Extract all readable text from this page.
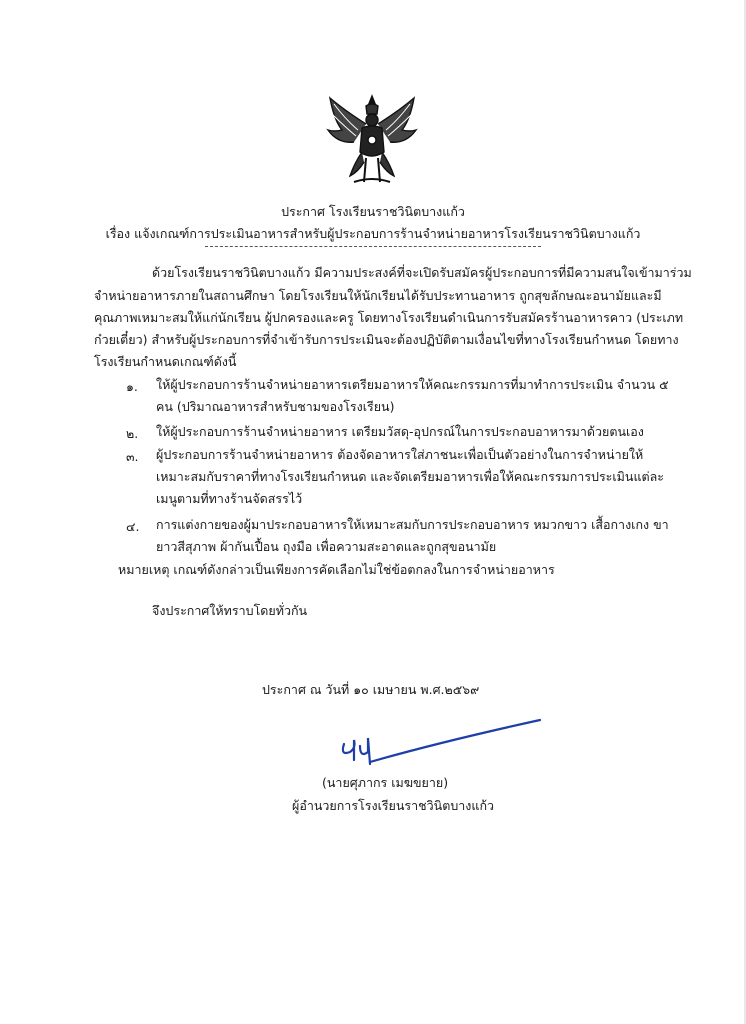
ประกาศ โรงเรียนราชวินิตบางแก้ว
เรื่อง แจ้งเกณฑ์การประเมินอาหารสำหรับผู้ประกอบการร้านจำหน่ายอาหารโรงเรียนราชวินิตบางแก้ว
ด้วยโรงเรียนราชวินิตบางแก้ว มีความประสงค์ที่จะเปิดรับสมัครผู้ประกอบการที่มีความสนใจเข้ามาร่วม
จำหน่ายอาหารภายในสถานศึกษา โดยโรงเรียนให้นักเรียนได้รับประทานอาหาร ถูกสุขลักษณะอนามัยและมี
คุณภาพเหมาะสมให้แก่นักเรียน ผู้ปกครองและครู โดยทางโรงเรียนดำเนินการรับสมัครร้านอาหารคาว (ประเภท
ก๋วยเตี๋ยว) สำหรับผู้ประกอบการที่จำเข้ารับการประเมินจะต้องปฏิบัติตามเงื่อนไขที่ทางโรงเรียนกำหนด โดยทาง
โรงเรียนกำหนดเกณฑ์ดังนี้
๑. ให้ผู้ประกอบการร้านจำหน่ายอาหารเตรียมอาหารให้คณะกรรมการที่มาทำการประเมิน จำนวน ๕
คน (ปริมาณอาหารสำหรับชามของโรงเรียน)
๒. ให้ผู้ประกอบการร้านจำหน่ายอาหาร เตรียมวัสดุ-อุปกรณ์ในการประกอบอาหารมาด้วยตนเอง
๓. ผู้ประกอบการร้านจำหน่ายอาหาร ต้องจัดอาหารใส่ภาชนะเพื่อเป็นตัวอย่างในการจำหน่ายให้
เหมาะสมกับราคาที่ทางโรงเรียนกำหนด และจัดเตรียมอาหารเพื่อให้คณะกรรมการประเมินแต่ละ
เมนูตามที่ทางร้านจัดสรรไว้
๔. การแต่งกายของผู้มาประกอบอาหารให้เหมาะสมกับการประกอบอาหาร หมวกขาว เสื้อกางเกง ขา
ยาวสีสุภาพ ผ้ากันเปื้อน ถุงมือ เพื่อความสะอาดและถูกสุขอนามัย
หมายเหตุ เกณฑ์ดังกล่าวเป็นเพียงการคัดเลือกไม่ใช่ข้อตกลงในการจำหน่ายอาหาร
จึงประกาศให้ทราบโดยทั่วกัน
ประกาศ ณ วันที่ ๑๐ เมษายน พ.ศ.๒๕๖๙
(นายศุภากร เมฆขยาย)
ผู้อำนวยการโรงเรียนราชวินิตบางแก้ว
